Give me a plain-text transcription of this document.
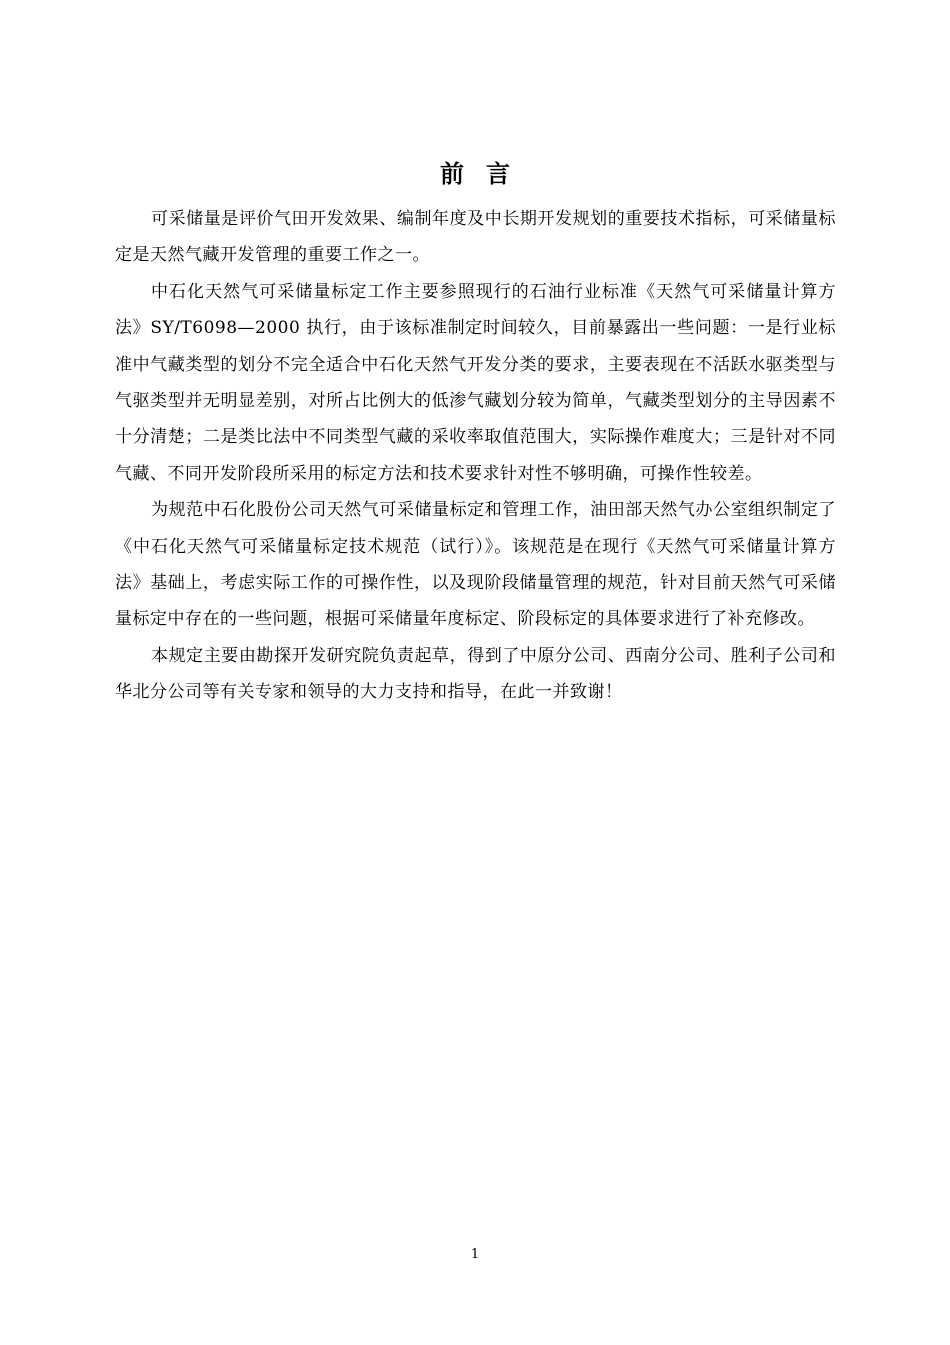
前言

可采储量是评价气田开发效果、编制年度及中长期开发规划的重要技术指标，可采储量标定是天然气藏开发管理的重要工作之一。

中石化天然气可采储量标定工作主要参照现行的石油行业标准《天然气可采储量计算方法》SY/T6098—2000 执行，由于该标准制定时间较久，目前暴露出一些问题：一是行业标准中气藏类型的划分不完全适合中石化天然气开发分类的要求，主要表现在不活跃水驱类型与气驱类型并无明显差别，对所占比例大的低渗气藏划分较为简单，气藏类型划分的主导因素不十分清楚；二是类比法中不同类型气藏的采收率取值范围大，实际操作难度大；三是针对不同气藏、不同开发阶段所采用的标定方法和技术要求针对性不够明确，可操作性较差。

为规范中石化股份公司天然气可采储量标定和管理工作，油田部天然气办公室组织制定了《中石化天然气可采储量标定技术规范（试行）》。该规范是在现行《天然气可采储量计算方法》基础上，考虑实际工作的可操作性，以及现阶段储量管理的规范，针对目前天然气可采储量标定中存在的一些问题，根据可采储量年度标定、阶段标定的具体要求进行了补充修改。

本规定主要由勘探开发研究院负责起草，得到了中原分公司、西南分公司、胜利子公司和华北分公司等有关专家和领导的大力支持和指导，在此一并致谢！

1
